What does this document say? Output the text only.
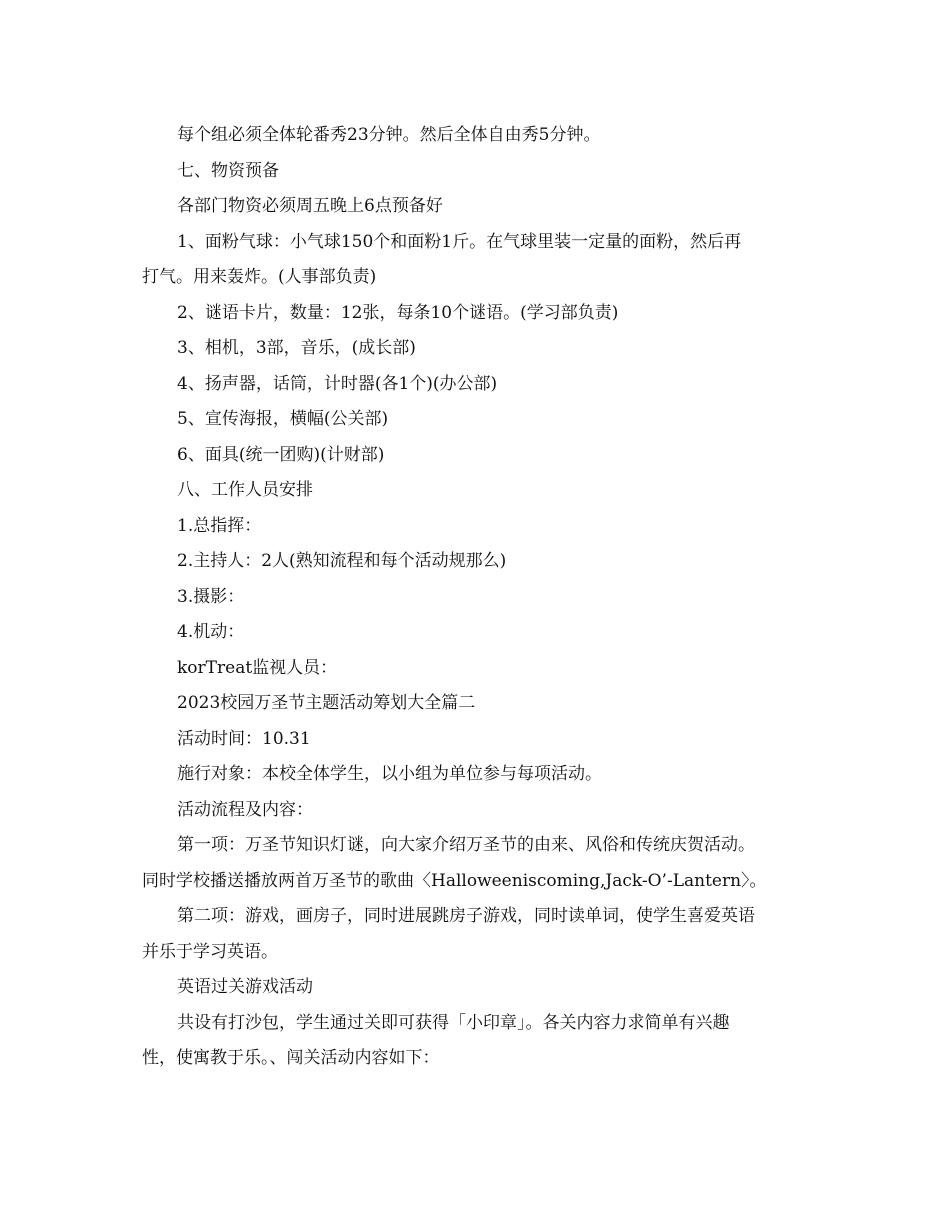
每个组必须全体轮番秀23分钟。然后全体自由秀5分钟。

七、物资预备

各部门物资必须周五晚上6点预备好

1、面粉气球：小气球150个和面粉1斤。在气球里装一定量的面粉，然后再

打气。用来轰炸。(人事部负责)

2、谜语卡片，数量：12张，每条10个谜语。(学习部负责)

3、相机，3部，音乐，(成长部)

4、扬声器，话筒，计时器(各1个)(办公部)

5、宣传海报，横幅(公关部)

6、面具(统一团购)(计财部)

八、工作人员安排

1.总指挥：

2.主持人：2人(熟知流程和每个活动规那么)

3.摄影：

4.机动：

korTreat监视人员：

2023校园万圣节主题活动筹划大全篇二

活动时间：10.31

施行对象：本校全体学生，以小组为单位参与每项活动。

活动流程及内容：

第一项：万圣节知识灯谜，向大家介绍万圣节的由来、风俗和传统庆贺活动。

同时学校播送播放两首万圣节的歌曲〈Halloweeniscoming,Jack-O’-Lantern〉。

第二项：游戏，画房子，同时进展跳房子游戏，同时读单词，使学生喜爱英语

并乐于学习英语。

英语过关游戏活动

共设有打沙包，学生通过关即可获得「小印章」。各关内容力求简单有兴趣

性，使寓教于乐。、闯关活动内容如下：
